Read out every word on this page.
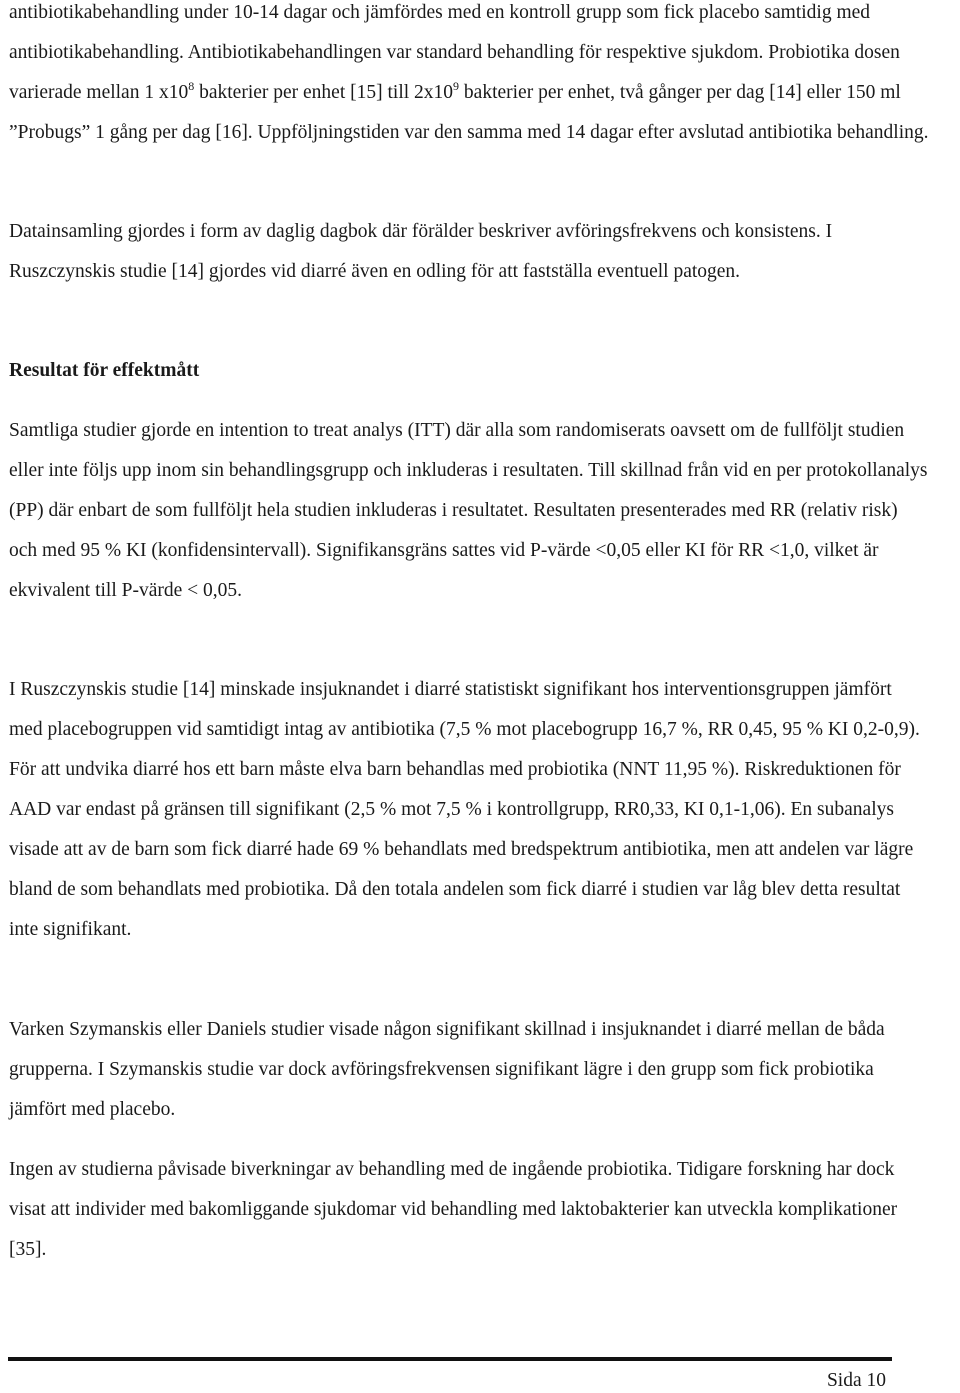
antibiotikabehandling under 10-14 dagar och jämfördes med en kontroll grupp som fick placebo samtidig med antibiotikabehandling. Antibiotikabehandlingen var standard behandling för respektive sjukdom. Probiotika dosen varierade mellan 1 $x10^8$ bakterier per enhet [15] till $2x10^9$ bakterier per enhet, två gånger per dag [14] eller 150 ml ”Probugs” 1 gång per dag [16]. Uppföljningstiden var den samma med 14 dagar efter avslutad antibiotika behandling.

Datainsamling gjordes i form av daglig dagbok där förälder beskriver avföringsfrekvens och konsistens. I Ruszczynskis studie [14] gjordes vid diarré även en odling för att fastställa eventuell patogen.

Resultat för effektmått

Samtliga studier gjorde en intention to treat analys (ITT) där alla som randomiserats oavsett om de fullföljt studien eller inte följs upp inom sin behandlingsgrupp och inkluderas i resultaten. Till skillnad från vid en per protokollanalys (PP) där enbart de som fullföljt hela studien inkluderas i resultatet. Resultaten presenterades med RR (relativ risk) och med 95 % KI (konfidensintervall). Signifikansgräns sattes vid P-värde <0,05 eller KI för RR <1,0, vilket är ekvivalent till P-värde < 0,05.

I Ruszczynskis studie [14] minskade insjuknandet i diarré statistiskt signifikant hos interventionsgruppen jämfört med placebogruppen vid samtidigt intag av antibiotika (7,5 % mot placebogrupp 16,7 %, RR 0,45, 95 % KI 0,2-0,9). För att undvika diarré hos ett barn måste elva barn behandlas med probiotika (NNT 11,95 %). Riskreduktionen för AAD var endast på gränsen till signifikant (2,5 % mot 7,5 % i kontrollgrupp, RR0,33, KI 0,1-1,06). En subanalys visade att av de barn som fick diarré hade 69 % behandlats med bredspektrum antibiotika, men att andelen var lägre bland de som behandlats med probiotika. Då den totala andelen som fick diarré i studien var låg blev detta resultat inte signifikant.

Varken Szymanskis eller Daniels studier visade någon signifikant skillnad i insjuknandet i diarré mellan de båda grupperna. I Szymanskis studie var dock avföringsfrekvensen signifikant lägre i den grupp som fick probiotika jämfört med placebo.

Ingen av studierna påvisade biverkningar av behandling med de ingående probiotika. Tidigare forskning har dock visat att individer med bakomliggande sjukdomar vid behandling med laktobakterier kan utveckla komplikationer [35].

Sida 10
